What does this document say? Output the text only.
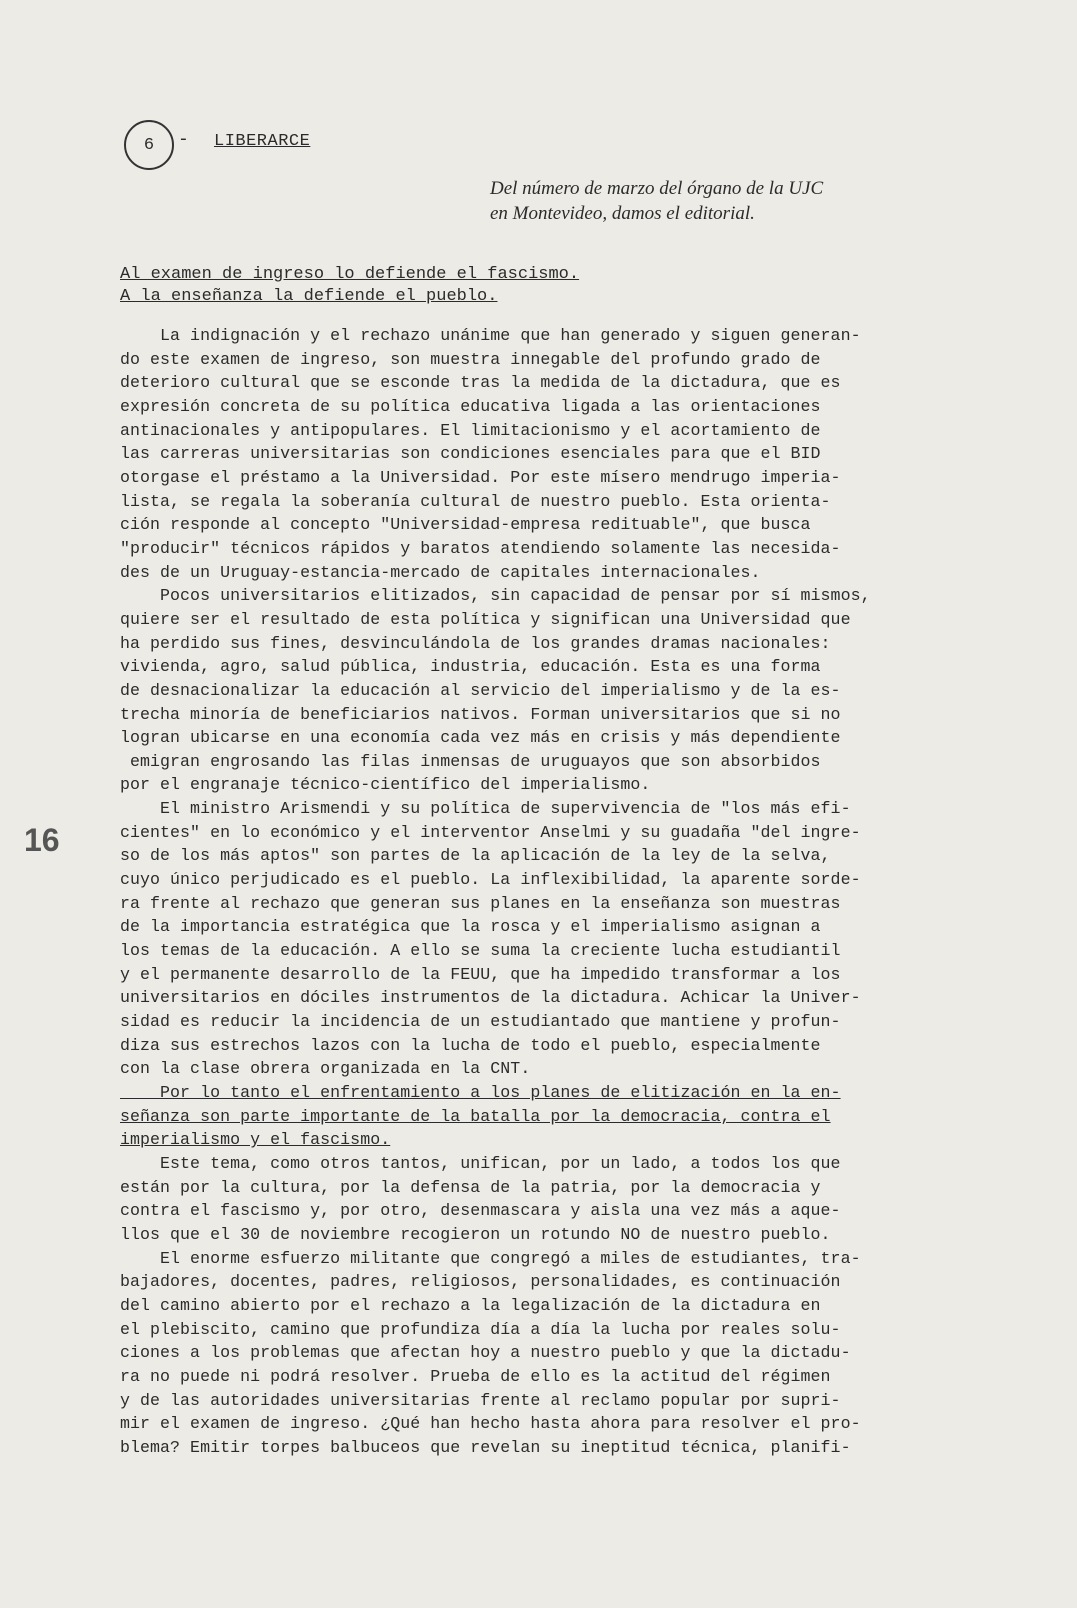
6 - LIBERARCE
Del número de marzo del órgano de la UJC
en Montevideo, damos el editorial.
16
Al examen de ingreso lo defiende el fascismo.
A la enseñanza la defiende el pueblo.
La indignación y el rechazo unánime que han generado y siguen generan-
do este examen de ingreso, son muestra innegable del profundo grado de
deterioro cultural que se esconde tras la medida de la dictadura, que es
expresión concreta de su política educativa ligada a las orientaciones
antinacionales y antipopulares. El limitacionismo y el acortamiento de
las carreras universitarias son condiciones esenciales para que el BID
otorgase el préstamo a la Universidad. Por este mísero mendrugo imperia-
lista, se regala la soberanía cultural de nuestro pueblo. Esta orienta-
ción responde al concepto "Universidad-empresa redituable", que busca
"producir" técnicos rápidos y baratos atendiendo solamente las necesida-
des de un Uruguay-estancia-mercado de capitales internacionales.
Pocos universitarios elitizados, sin capacidad de pensar por sí mismos,
quiere ser el resultado de esta política y significan una Universidad que
ha perdido sus fines, desvinculándola de los grandes dramas nacionales:
vivienda, agro, salud pública, industria, educación. Esta es una forma
de desnacionalizar la educación al servicio del imperialismo y de la es-
trecha minoría de beneficiarios nativos. Forman universitarios que si no
logran ubicarse en una economía cada vez más en crisis y más dependiente
emigran engrosando las filas inmensas de uruguayos que son absorbidos
por el engranaje técnico-científico del imperialismo.
El ministro Arismendi y su política de supervivencia de "los más efi-
cientes" en lo económico y el interventor Anselmi y su guadaña "del ingre-
so de los más aptos" son partes de la aplicación de la ley de la selva,
cuyo único perjudicado es el pueblo. La inflexibilidad, la aparente sorde-
ra frente al rechazo que generan sus planes en la enseñanza son muestras
de la importancia estratégica que la rosca y el imperialismo asignan a
los temas de la educación. A ello se suma la creciente lucha estudiantil
y el permanente desarrollo de la FEUU, que ha impedido transformar a los
universitarios en dóciles instrumentos de la dictadura. Achicar la Univer-
sidad es reducir la incidencia de un estudiantado que mantiene y profun-
diza sus estrechos lazos con la lucha de todo el pueblo, especialmente
con la clase obrera organizada en la CNT.
Por lo tanto el enfrentamiento a los planes de elitización en la en-
señanza son parte importante de la batalla por la democracia, contra el
imperialismo y el fascismo.
Este tema, como otros tantos, unifican, por un lado, a todos los que
están por la cultura, por la defensa de la patria, por la democracia y
contra el fascismo y, por otro, desenmascara y aisla una vez más a aque-
llos que el 30 de noviembre recogieron un rotundo NO de nuestro pueblo.
El enorme esfuerzo militante que congregó a miles de estudiantes, tra-
bajadores, docentes, padres, religiosos, personalidades, es continuación
del camino abierto por el rechazo a la legalización de la dictadura en
el plebiscito, camino que profundiza día a día la lucha por reales solu-
ciones a los problemas que afectan hoy a nuestro pueblo y que la dictadu-
ra no puede ni podrá resolver. Prueba de ello es la actitud del régimen
y de las autoridades universitarias frente al reclamo popular por supri-
mir el examen de ingreso. ¿Qué han hecho hasta ahora para resolver el pro-
blema? Emitir torpes balbuceos que revelan su ineptitud técnica, planifi-
